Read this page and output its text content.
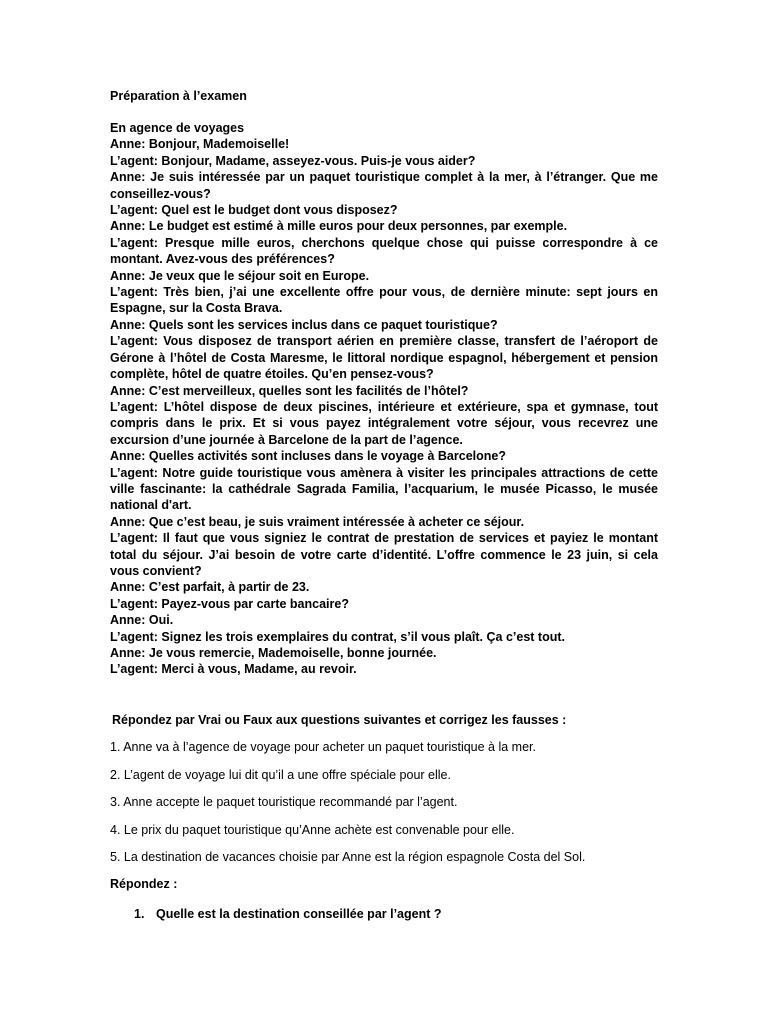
Préparation à l’examen

En agence de voyages

Anne: Bonjour, Mademoiselle!

L’agent: Bonjour, Madame, asseyez-vous. Puis-je vous aider?

Anne: Je suis intéressée par un paquet touristique complet à la mer, à l’étranger. Que me conseillez-vous?

L’agent: Quel est le budget dont vous disposez?

Anne: Le budget est estimé à mille euros pour deux personnes, par exemple.

L’agent: Presque mille euros, cherchons quelque chose qui puisse correspondre à ce montant. Avez-vous des préférences?

Anne: Je veux que le séjour soit en Europe.

L’agent: Très bien, j’ai une excellente offre pour vous, de dernière minute: sept jours en Espagne, sur la Costa Brava.

Anne: Quels sont les services inclus dans ce paquet touristique?

L’agent: Vous disposez de transport aérien en première classe, transfert de l’aéroport de Gérone à l’hôtel de Costa Maresme, le littoral nordique espagnol, hébergement et pension complète, hôtel de quatre étoiles. Qu’en pensez-vous?

Anne: C’est merveilleux, quelles sont les facilités de l’hôtel?

L’agent: L’hôtel dispose de deux piscines, intérieure et extérieure, spa et gymnase, tout compris dans le prix. Et si vous payez intégralement votre séjour, vous recevrez une excursion d’une journée à Barcelone de la part de l’agence.

Anne: Quelles activités sont incluses dans le voyage à Barcelone?

L’agent: Notre guide touristique vous amènera à visiter les principales attractions de cette ville fascinante: la cathédrale Sagrada Familia, l’acquarium, le musée Picasso, le musée national d'art.

Anne: Que c’est beau, je suis vraiment intéressée à acheter ce séjour.

L’agent: Il faut que vous signiez le contrat de prestation de services et payiez le montant total du séjour. J’ai besoin de votre carte d’identité. L’offre commence le 23 juin, si cela vous convient?

Anne: C’est parfait, à partir de 23.

L’agent: Payez-vous par carte bancaire?

Anne: Oui.

L’agent: Signez les trois exemplaires du contrat, s’il vous plaît. Ça c’est tout.

Anne: Je vous remercie, Mademoiselle, bonne journée.

L’agent: Merci à vous, Madame, au revoir.

Répondez par Vrai ou Faux aux questions suivantes et corrigez les fausses :
1. Anne va à l’agence de voyage pour acheter un paquet touristique à la mer.
2. L’agent de voyage lui dit qu’il a une offre spéciale pour elle.
3. Anne accepte le paquet touristique recommandé par l’agent.
4. Le prix du paquet touristique qu’Anne achète est convenable pour elle.
5. La destination de vacances choisie par Anne est la région espagnole Costa del Sol.
Répondez :
1. Quelle est la destination conseillée par l’agent ?
